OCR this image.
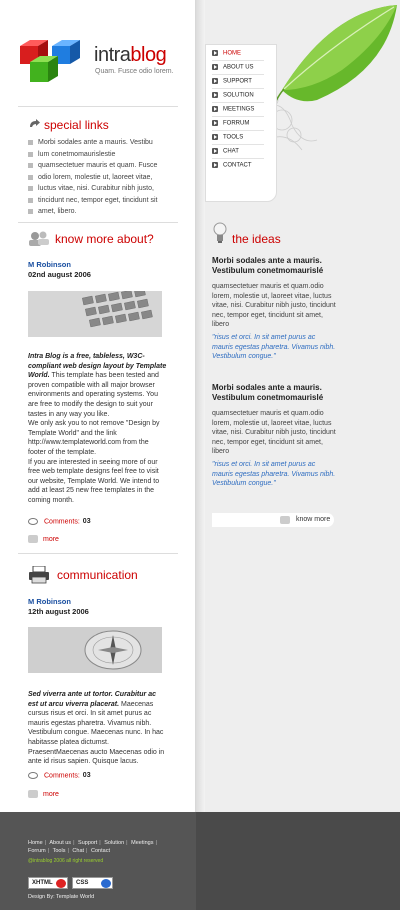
intrablog
Quam. Fusce odio lorem.
special links
Morbi sodales ante a mauris. Vestibu
lum conetmomaurislestie
quamsectetuer mauris et quam. Fusce
odio lorem, molestie ut, laoreet vitae,
luctus vitae, nisi. Curabitur nibh justo,
tincidunt nec, tempor eget, tincidunt sit
amet, libero.
know more about?
M Robinson
02nd august 2006
Intra Blog is a free, tableless, W3C-compliant web design layout by Template World. This template has been tested and proven compatible with all major browser environments and operating systems. You are free to modify the design to suit your tastes in any way you like.
We only ask you to not remove "Design by Template World" and the link http://www.templateworld.com from the footer of the template.
If you are interested in seeing more of our free web template designs feel free to visit our website, Template World. We intend to add at least 25 new free templates in the coming month.
Comments: 03
more
communication
M Robinson
12th august 2006
Sed viverra ante ut tortor. Curabitur ac est ut arcu viverra placerat. Maecenas cursus risus et orci. In sit amet purus ac mauris egestas pharetra. Vivamus nibh. Vestibulum congue. Maecenas nunc. In hac habitasse platea dictumst. PraesentMaecenas aucto Maecenas odio in ante id risus sapien. Quisque lacus.
Comments: 03
more
HOME
ABOUT US
SUPPORT
SOLUTION
MEETINGS
FORRUM
TOOLS
CHAT
CONTACT
the ideas
Morbi sodales ante a mauris. Vestibulum conetmomaurislé
quamsectetuer mauris et quam.odio lorem, molestie ut, laoreet vitae, luctus vitae, nisi. Curabitur nibh justo, tincidunt nec, tempor eget, tincidunt sit amet, libero
"risus et orci. In sit amet purus ac mauris egestas pharetra. Vivamus nibh. Vestibulum congue."
Morbi sodales ante a mauris. Vestibulum conetmomaurislé
quamsectetuer mauris et quam.odio lorem, molestie ut, laoreet vitae, luctus vitae, nisi. Curabitur nibh justo, tincidunt nec, tempor eget, tincidunt sit amet, libero
"risus et orci. In sit amet purus ac mauris egestas pharetra. Vivamus nibh. Vestibulum congue."
know more
Home | About us | Support | Solution | Meetings |
Forrum | Tools | Chat | Contact
@intrablog 2006 all right reserved
XHTML	CSS
Design By: Template World
